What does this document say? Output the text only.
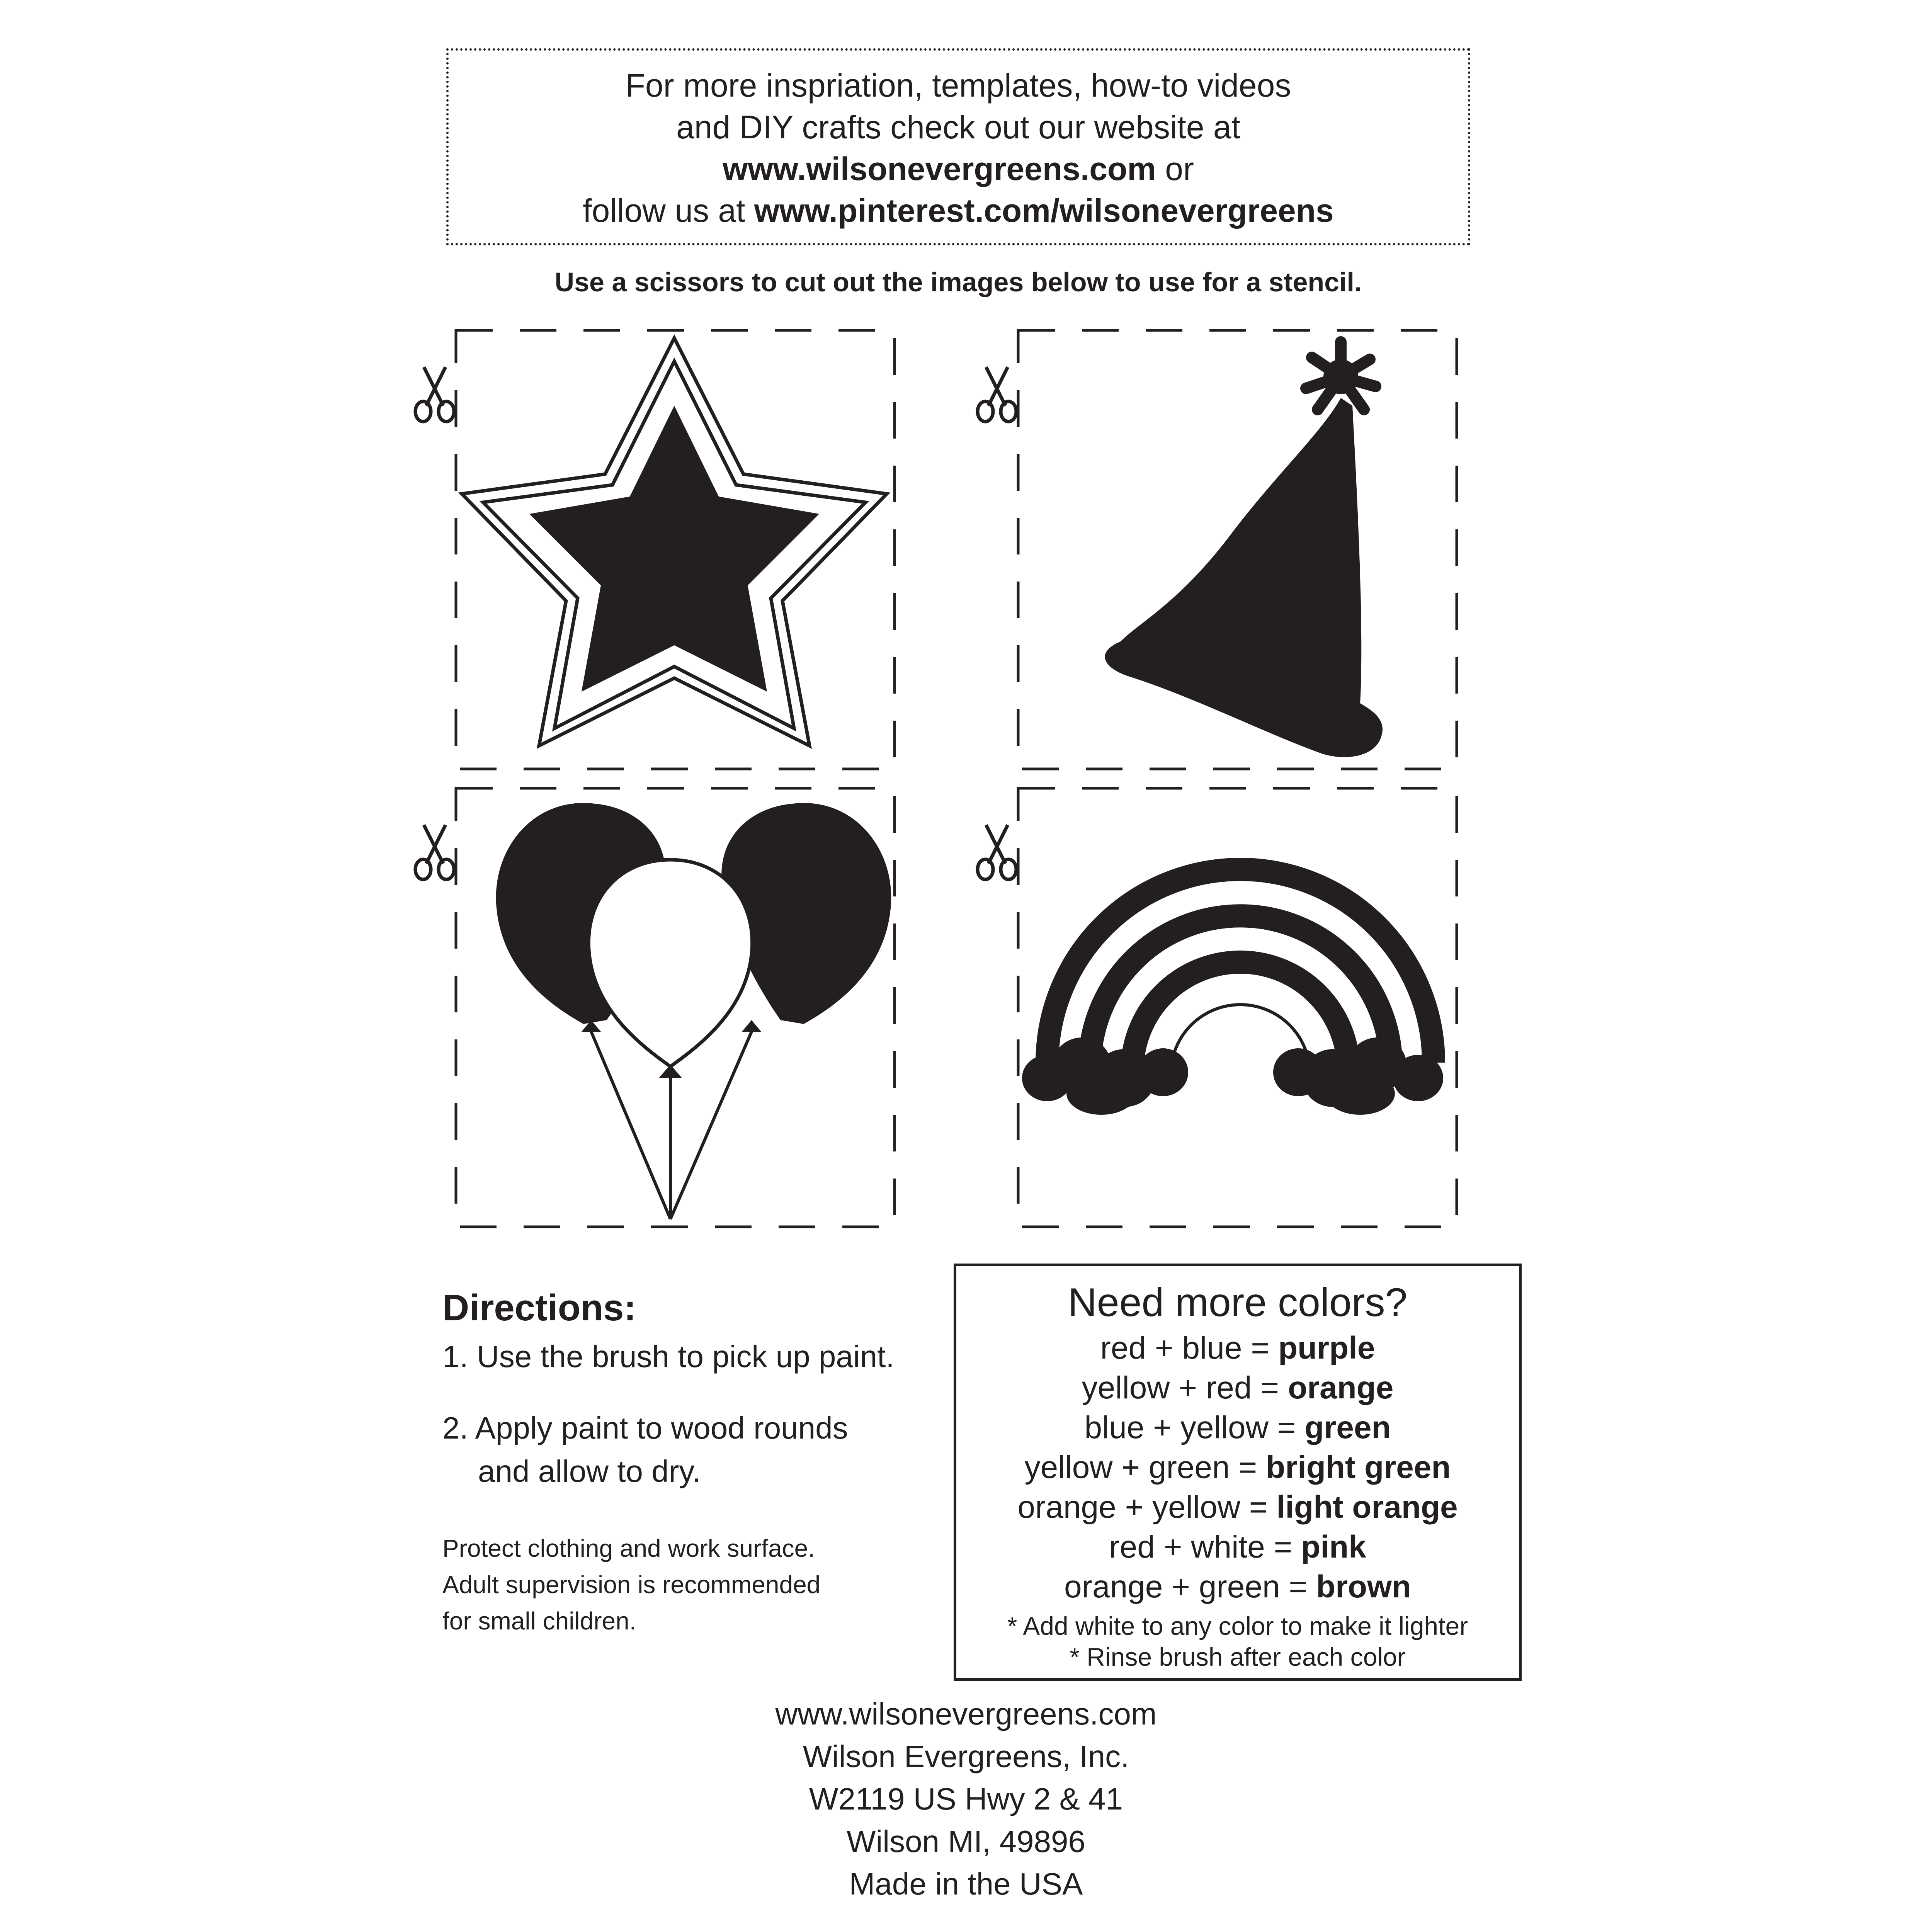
For more inspriation, templates, how-to videos
and DIY crafts check out our website at
www.wilsonevergreens.com or
follow us at www.pinterest.com/wilsonevergreens
Use a scissors to cut out the images below to use for a stencil.
Directions:
1. Use the brush to pick up paint.
2. Apply paint to wood rounds
and allow to dry.
Protect clothing and work surface.
Adult supervision is recommended
for small children.
Need more colors?
red + blue = purple
yellow + red = orange
blue + yellow = green
yellow + green = bright green
orange + yellow = light orange
red + white = pink
orange + green = brown
* Add white to any color to make it lighter
* Rinse brush after each color
www.wilsonevergreens.com
Wilson Evergreens, Inc.
W2119 US Hwy 2 & 41
Wilson MI, 49896
Made in the USA
